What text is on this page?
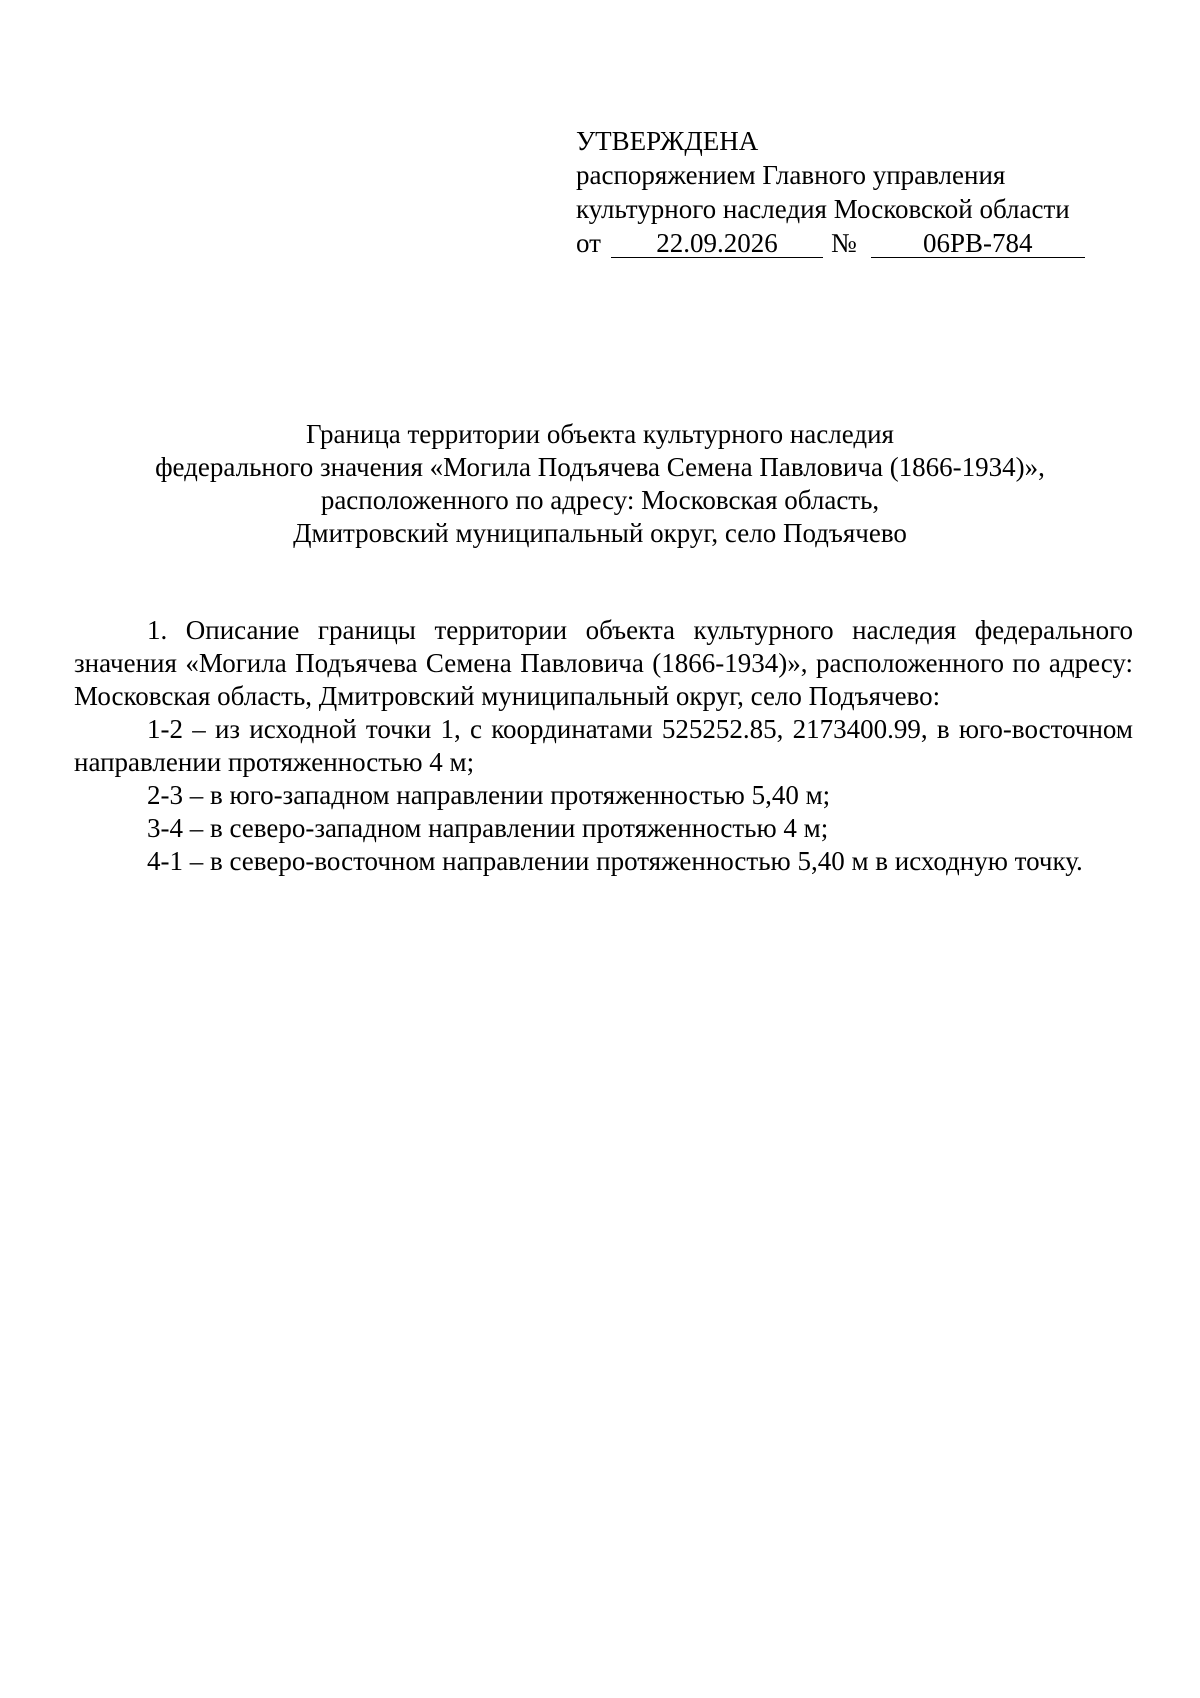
УТВЕРЖДЕНА
распоряжением Главного управления
культурного наследия Московской области
от	22.09.2026	№	06РВ-784
Граница территории объекта культурного наследия
федерального значения «Могила Подъячева Семена Павловича (1866-1934)»,
расположенного по адресу: Московская область,
Дмитровский муниципальный округ, село Подъячево

1. Описание границы территории объекта культурного наследия федерального значения «Могила Подъячева Семена Павловича (1866-1934)», расположенного по адресу: Московская область, Дмитровский муниципальный округ, село Подъячево:

1-2 – из исходной точки 1, с координатами 525252.85, 2173400.99, в юго-восточном направлении протяженностью 4 м;

2-3 – в юго-западном направлении протяженностью 5,40 м;

3-4 – в северо-западном направлении протяженностью 4 м;

4-1 – в северо-восточном направлении протяженностью 5,40 м в исходную точку.
